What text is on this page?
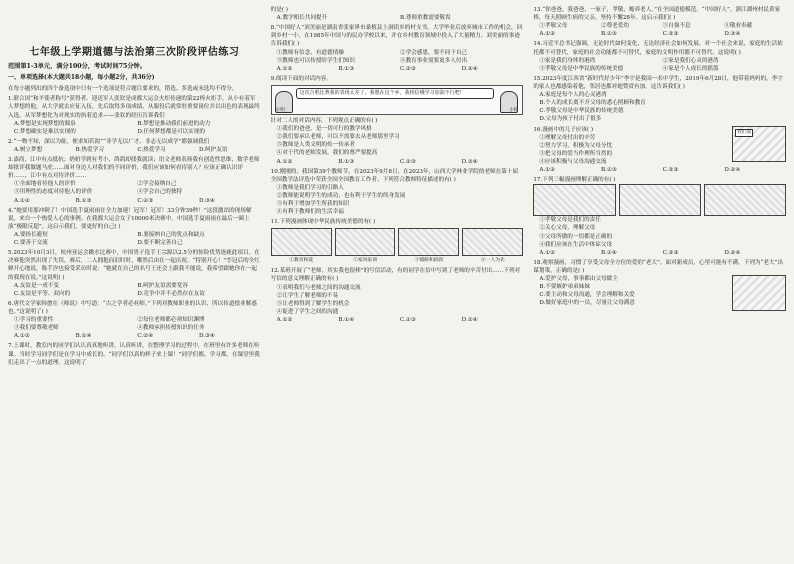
七年级上学期道德与法治第三次阶段评估练习
范围第1-3单元，满分100分，考试时间75分钟。
一、单项选择(本大题共18小题，每小题2分，共36分)
在每小题列出的四个备选项中只有一个选项是符合题目要求的，错选、多选或未选均不得分。
1.联合国“和平使者称号”获得者、迎送军人张钦是成都大运会火炬传递的第22棒火炬手，从小有着军人梦想的他，从大学就去应征入伍，先后取得多项成绩，从服役后就常驻重要岗位并以出色的表现最终入选。从军梦想化为对现实的执着追求——张钦的经历告诉我们
A.梦想是实现梦想的源泉	B.梦想是推动我们前进的动力
C.梦想确实是难以实现的	D.任何梦想都是可以实现的
2.“一物不知，深以为耻，便求知若渴”“非学无以广才，非志无以成学”都强调我们
A.树立梦想	B.热爱学习	C.热爱学习	D.呵护友谊
3.嘉尚，江中有点抵抗；奶奶学到有考小，鸽鸽却找我就读；语文老师表扬我有创造性思维，数学老师却批评我做题马虎……面对身边人对我们的不同评价，我们应该如何看待别人？应该正确认识评价……，江中有点对待评价……
①全面地看待他人的评价	②学会接纳自己
③用理性的态度对待他人的评价	④学会自己的独特
A.①②	B.①③	C.②③	D.③④
4.“她要用那冲刺了！中国选手夏雨雨在全力加速！冠军！冠军！33分钟39秒！”这段激昂的现场解说，来自一个热爱人心的事例。在我都大运会女子10000米决赛中，中国选手夏雨雨在最后一圈上演“极限反超”。这启示我们，要更好的自己( )
A.要扬长避短	B.要接纳自己的优点和缺点
C.要善于交流	D.要不断完善自己
5.2023年10月3日，杭州亚运会跳水比赛中，中国男子选手王宗源以2.5分的惊险优势逐鹿此项目。在决赛他突然出现了失误，赛后，二人拥抱而泪时时，哪然后由在一起庆祝。“特别开心！”孪冠后的全红婵开心地说。陈芋汐也接受采访时说：“她就在自己的名号王还会上跟我不能说，我希望跟她你在一起的我现在说。”这说明( )
A.友谊是一成不变	B.呵护友谊需要宽容
C.友谊是平等、双向的	D.竞争中并不必然存在友谊
6.唐代文学家韩愈在《师说》中写道：“古之学者必有师。”下列对教师职业的认识，所以传道授业解惑也。”这说明了( )
①学习的重要性	②每位老师都必须知识渊博
③我们要尊敬老师	④教师承担传授知识的任务
A.①②	B.①④	C.②④	D.③④
7.上课时，教室内的同学们认认真真地听讲，认真听讲，在整理学习的过程中，在班里有许多老师在听课。当时学习同学们是在学习中成长的。“同学们以真的样子来上课！”同学们都，学习都，在课堂里我们走出了一点的道理。这说明了
的是( )
A.教学相长共同提升	B.尊师重教需要敬畏
8.“中国好人”刘美丽是湖南省张家界市桑植县上洞街乡的村支书，大学毕业后放弃城市工作的机会，回到乡村一小。在1985年中国与的民办学校以来，并在乡村教育领域中投入了大量精力。刘美丽的事迹告诉我们( )
①教师有信念、有道德情操	②学会感恩，要不同于自己
③教师也可以传授给学生们知识	④教育事业需要更多人付出
A.①②	B.①③	C.②③	D.②④
9.阅读下面的对话内容。
这次合唱比赛我的表现太差了，我想在这个乡，我相信哦学习加油不行吧！
小明	小红
针对二人的对话内容，下列观点正确的有( )
①我们的爸爸，是一切可行的教学风格
②我们要承认老师，可以不需要去从老师那里学习
③教师是人类文明的传一传承者
④对于代的老师发展，我们的尊严要提高
A.①②	B.①③	C.②③	D.③④
10.刚刚的，我国第39个教师节，在2023年9月8日，在2023年，山西大学林业学院的老师在第十届全国教学法评选中荣获全国全国教育工作者。下列符合教师特征描述的有( )
①教师是我们学习的引路人
②教师能说明学生的成功，也有利于学生的终身发展
③有利于增加学生所获的知识
④有利于教师们的生活幸福
11.下列漫画体现中华民族传统美德的有( )
①教育和爱	②家风家训	③铺路和捐款	④一人为先
12.某班开展了“老师，其实我也很棒”的写信活动，有的同学在信中写到了老师的辛苦付出……下列对写信的意义理解正确的有( )
①表明我们与老师之间的沟通交流
②让学生了解老师的不易
③让老师得到了解学生的机会
④促进了学生之间的沟通
A.①②	B.①④	C.②③	D.②④
13.“你爸爸，我爸爸，一家子，孝敬，赡养老人。”在全国道德模范，“中国好人”，浙江湖州村民黄家桥，每天照顾生病的父亲，坚持不懈28年。这启示我们( )
①孝敬父母	②尊老爱幼	③自强不息	④敬业奉献
A.①②	B.①③	C.②③	D.③④
14.习近平总书记强调，无论时代如何变化，无论经济社会如何发展，对一个社会来说，家庭的生活依托都不可替代，家庭的社会功能都不可替代，家庭的文明作用都不可替代。这说明( )
①家是我们身体的港湾	②家是我们心灵的港湾
③孝敬父母是中华民族的传统美德	④家是个人成长的摇篮
15.2023年度江西省“新时代好少年”李宇是我国一名中学生，2019年6月28日，他带着妈妈的，李宇的家人也都感染着他，邻居也都对她赞赏有加。这告诉我们( )
A.家庭是每个人的心灵港湾
B.个人的成长离不开父母的悉心照顾和教育
C.孝敬父母是中华民族的传统美德
D.父母为孩子付出了很多
我们家
16.漫画中的儿子应该( )
①理解父母付出的辛劳
②努力学习，积极为父母分忧
③把父母的爱当作理所当然的
④应该积极与父母沟通交流
A.①②	B.①③	C.②③	D.②④
17.下列三幅漫画理解正确的有( )
①孝敬父母是我们的责任
②关心父母，理解父母
③父母所做的一切都是正确的
④我们应该在生活中体谅父母
A.①②	B.①④	C.②③	D.②④
18.观察漫画，习惯了享受父母全方位的爱的“老大”，面对新成员，心里可能有不满，下列为“老大”出谋划策，正确的是( )
A.爱护父母，事事都由父母做主
B.不要嫉妒弟弟妹妹
C.要主动和父母沟通，学会理解和关爱
D.做好家庭中的一员，尽量让父母满意
